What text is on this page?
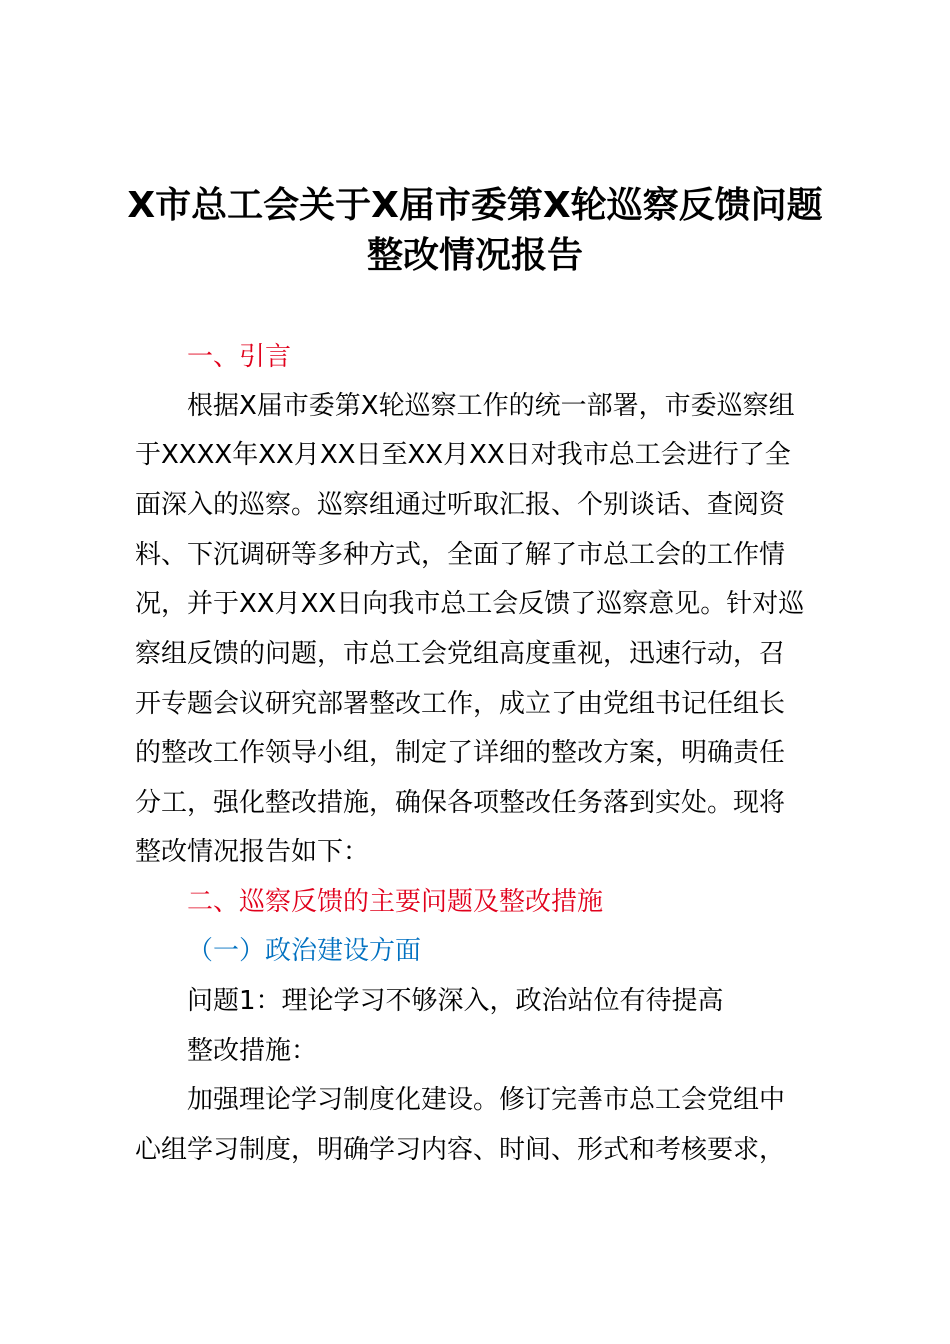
X市总工会关于X届市委第X轮巡察反馈问题
整改情况报告
一、引言
根据X届市委第X轮巡察工作的统一部署，市委巡察组
于XXXX年XX月XX日至XX月XX日对我市总工会进行了全
面深入的巡察。巡察组通过听取汇报、个别谈话、查阅资
料、下沉调研等多种方式，全面了解了市总工会的工作情
况，并于XX月XX日向我市总工会反馈了巡察意见。针对巡
察组反馈的问题，市总工会党组高度重视，迅速行动，召
开专题会议研究部署整改工作，成立了由党组书记任组长
的整改工作领导小组，制定了详细的整改方案，明确责任
分工，强化整改措施，确保各项整改任务落到实处。现将
整改情况报告如下：
二、巡察反馈的主要问题及整改措施
（一）政治建设方面
问题1：理论学习不够深入，政治站位有待提高
整改措施：
加强理论学习制度化建设。修订完善市总工会党组中
心组学习制度，明确学习内容、时间、形式和考核要求，
